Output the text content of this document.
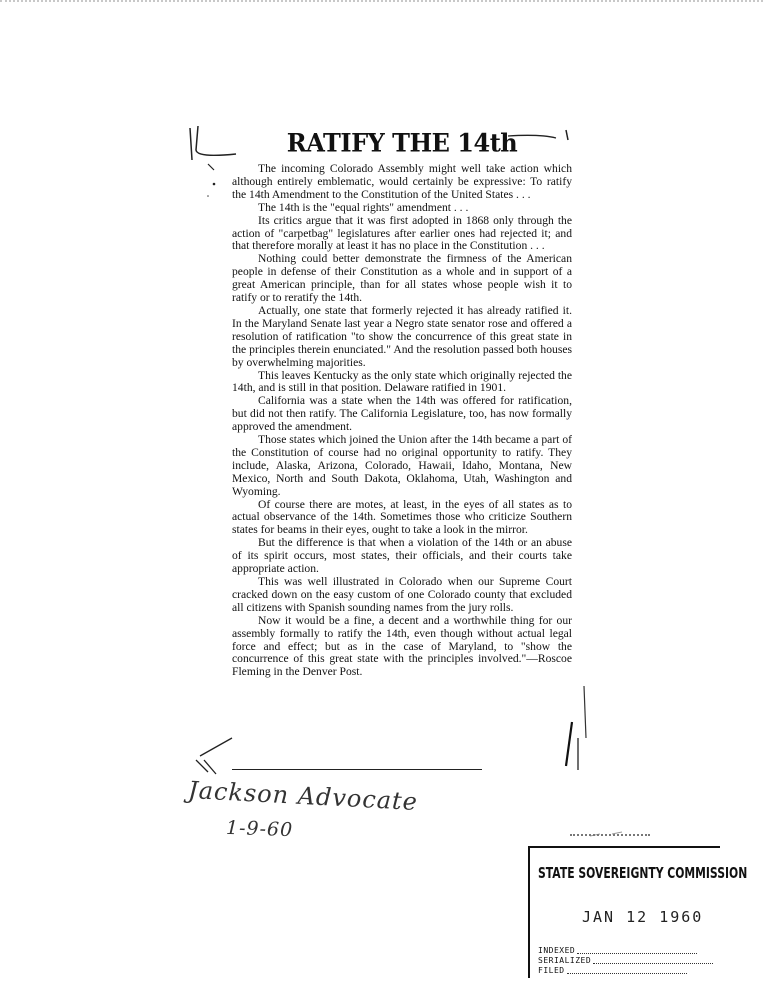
RATIFY THE 14th

The incoming Colorado Assembly might well take action which although entirely emblematic, would certainly be expressive: To ratify the 14th Amendment to the Constitution of the United States . . .

The 14th is the "equal rights" amendment . . .

Its critics argue that it was first adopted in 1868 only through the action of "carpetbag" legislatures after earlier ones had rejected it; and that therefore morally at least it has no place in the Constitution . . .

Nothing could better demonstrate the firmness of the American people in defense of their Constitution as a whole and in support of a great American principle, than for all states whose people wish it to ratify or to reratify the 14th.

Actually, one state that formerly rejected it has already ratified it. In the Maryland Senate last year a Negro state senator rose and offered a resolution of ratification "to show the concurrence of this great state in the principles therein enunciated." And the resolution passed both houses by overwhelming majorities.

This leaves Kentucky as the only state which originally rejected the 14th, and is still in that position. Delaware ratified in 1901.

California was a state when the 14th was offered for ratification, but did not then ratify. The California Legislature, too, has now formally approved the amendment.

Those states which joined the Union after the 14th became a part of the Constitution of course had no original opportunity to ratify. They include, Alaska, Arizona, Colorado, Hawaii, Idaho, Montana, New Mexico, North and South Dakota, Oklahoma, Utah, Washington and Wyoming.

Of course there are motes, at least, in the eyes of all states as to actual observance of the 14th. Sometimes those who criticize Southern states for beams in their eyes, ought to take a look in the mirror.

But the difference is that when a violation of the 14th or an abuse of its spirit occurs, most states, their officials, and their courts take appropriate action.

This was well illustrated in Colorado when our Supreme Court cracked down on the easy custom of one Colorado county that excluded all citizens with Spanish sounding names from the jury rolls.

Now it would be a fine, a decent and a worthwhile thing for our assembly formally to ratify the 14th, even though without actual legal force and effect; but as in the case of Maryland, to "show the concurrence of this great state with the principles involved."—Roscoe Fleming in the Denver Post.

Jackson Advocate
1-9-60
STATE SOVEREIGNTY COMMISSION
JAN 12 1960
INDEXED
SERIALIZED
FILED
